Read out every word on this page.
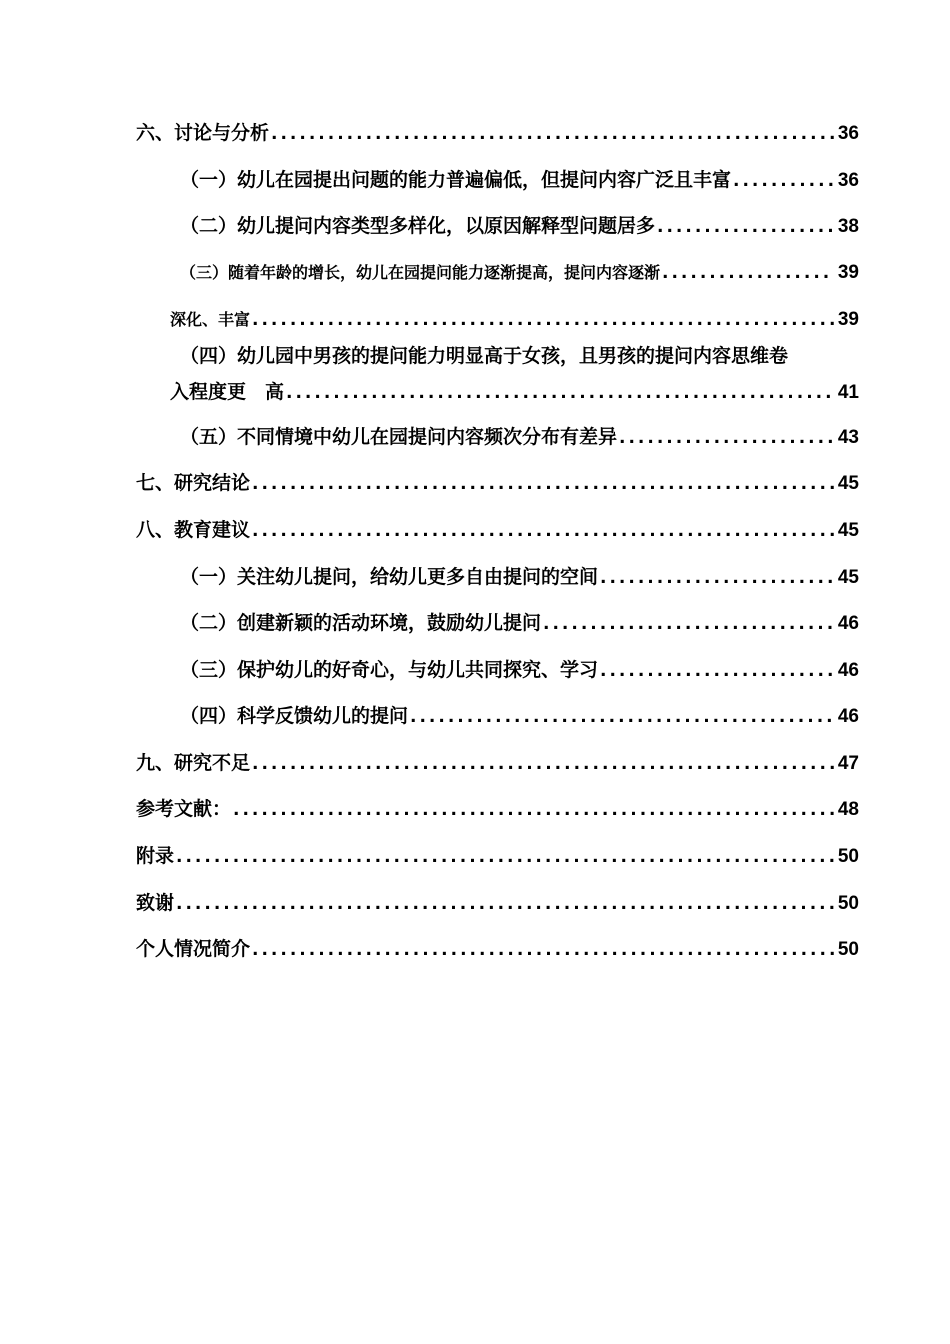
六、讨论与分析 .....	36
（一）幼儿在园提出问题的能力普遍偏低，但提问内容广泛且丰富 .....	36
（二）幼儿提问内容类型多样化，以原因解释型问题居多 .....	38
（三）随着年龄的增长，幼儿在园提问能力逐渐提高，提问内容逐渐 .....	39
深化、丰富 .....	39
（四）幼儿园中男孩的提问能力明显高于女孩，且男孩的提问内容思维卷
入程度更　高 .....	41
（五）不同情境中幼儿在园提问内容频次分布有差异 .....	43
七、研究结论 .....	45
八、教育建议 .....	45
（一）关注幼儿提问，给幼儿更多自由提问的空间 .....	45
（二）创建新颖的活动环境，鼓励幼儿提问 .....	46
（三）保护幼儿的好奇心，与幼儿共同探究、学习 .....	46
（四）科学反馈幼儿的提问 .....	46
九、研究不足 .....	47
参考文献： .....	48
附录 .....	50
致谢 .....	50
个人情况简介 .....	50
